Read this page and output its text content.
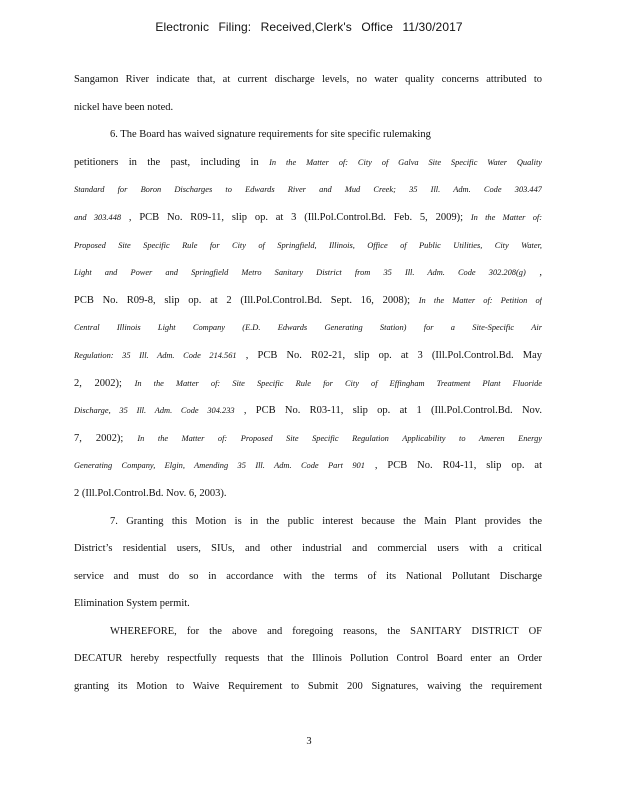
Electronic Filing: Received,Clerk's Office 11/30/2017
Sangamon River indicate that, at current discharge levels, no water quality concerns attributed to
nickel have been noted.
6. The Board has waived signature requirements for site specific rulemaking
petitioners in the past, including in In the Matter of: City of Galva Site Specific Water Quality
Standard for Boron Discharges to Edwards River and Mud Creek; 35 Ill. Adm. Code 303.447
and 303.448 , PCB No. R09-11, slip op. at 3 (Ill.Pol.Control.Bd. Feb. 5, 2009); In the Matter of:
Proposed Site Specific Rule for City of Springfield, Illinois, Office of Public Utilities, City Water,
Light and Power and Springfield Metro Sanitary District from 35 Ill. Adm. Code 302.208(g) ,
PCB No. R09-8, slip op. at 2 (Ill.Pol.Control.Bd. Sept. 16, 2008); In the Matter of: Petition of
Central Illinois Light Company (E.D. Edwards Generating Station) for a Site-Specific Air
Regulation: 35 Ill. Adm. Code 214.561 , PCB No. R02-21, slip op. at 3 (Ill.Pol.Control.Bd. May
2, 2002); In the Matter of: Site Specific Rule for City of Effingham Treatment Plant Fluoride
Discharge, 35 Ill. Adm. Code 304.233 , PCB No. R03-11, slip op. at 1 (Ill.Pol.Control.Bd. Nov.
7, 2002); In the Matter of: Proposed Site Specific Regulation Applicability to Ameren Energy
Generating Company, Elgin, Amending 35 Ill. Adm. Code Part 901 , PCB No. R04-11, slip op. at
2 (Ill.Pol.Control.Bd. Nov. 6, 2003).
7. Granting this Motion is in the public interest because the Main Plant provides the
District’s residential users, SIUs, and other industrial and commercial users with a critical
service and must do so in accordance with the terms of its National Pollutant Discharge
Elimination System permit.
WHEREFORE, for the above and foregoing reasons, the SANITARY DISTRICT OF
DECATUR hereby respectfully requests that the Illinois Pollution Control Board enter an Order
granting its Motion to Waive Requirement to Submit 200 Signatures, waiving the requirement
3
